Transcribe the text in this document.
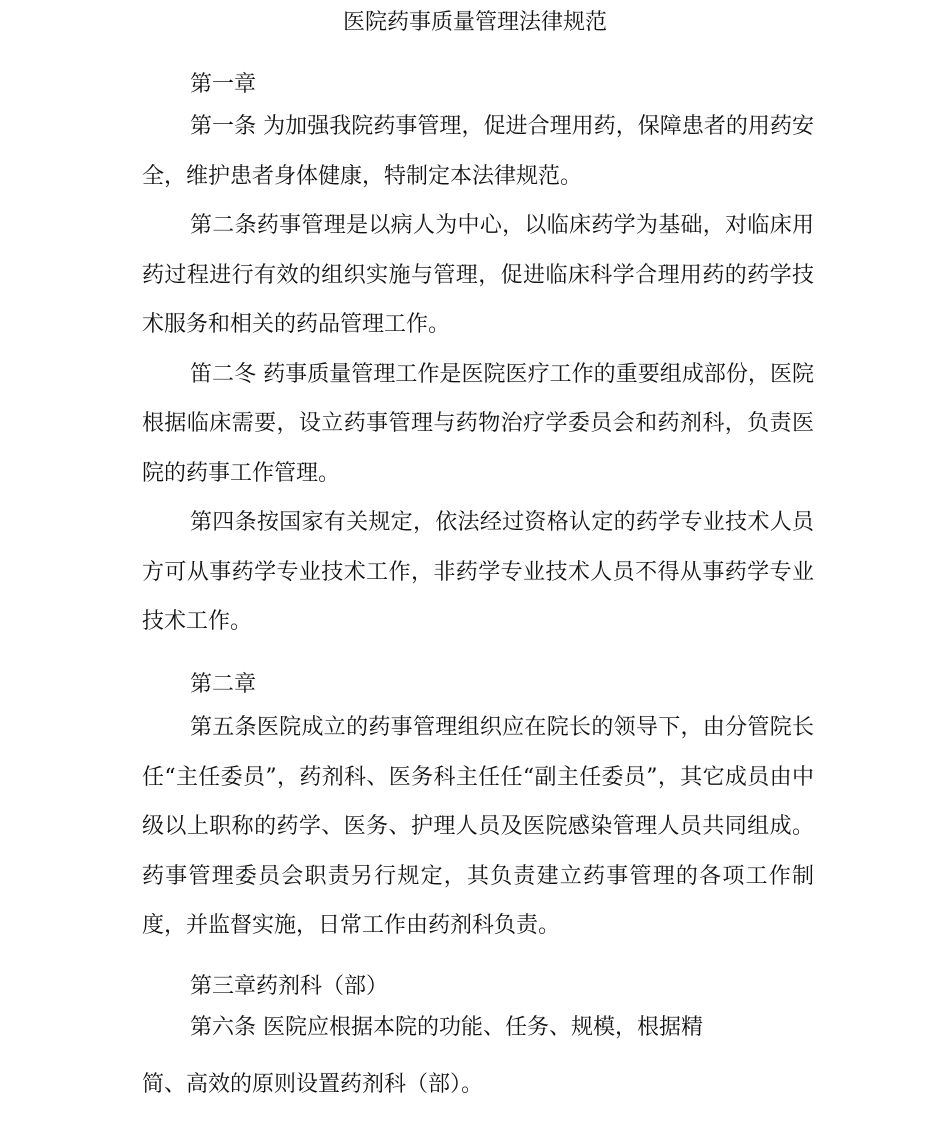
医院药事质量管理法律规范
第一章

第一条 为加强我院药事管理，促进合理用药，保障患者的用药安全，维护患者身体健康，特制定本法律规范。

第二条药事管理是以病人为中心，以临床药学为基础，对临床用药过程进行有效的组织实施与管理，促进临床科学合理用药的药学技术服务和相关的药品管理工作。

笛二冬 药事质量管理工作是医院医疗工作的重要组成部份，医院根据临床需要，设立药事管理与药物治疗学委员会和药剂科，负责医院的药事工作管理。

第四条按国家有关规定，依法经过资格认定的药学专业技术人员方可从事药学专业技术工作，非药学专业技术人员不得从事药学专业技术工作。

第二章

第五条医院成立的药事管理组织应在院长的领导下，由分管院长任“主任委员”，药剂科、医务科主任任“副主任委员”，其它成员由中级以上职称的药学、医务、护理人员及医院感染管理人员共同组成。药事管理委员会职责另行规定，其负责建立药事管理的各项工作制度，并监督实施，日常工作由药剂科负责。

第三章药剂科（部）
第六条 医院应根据本院的功能、任务、规模，根据精
简、高效的原则设置药剂科（部）。
